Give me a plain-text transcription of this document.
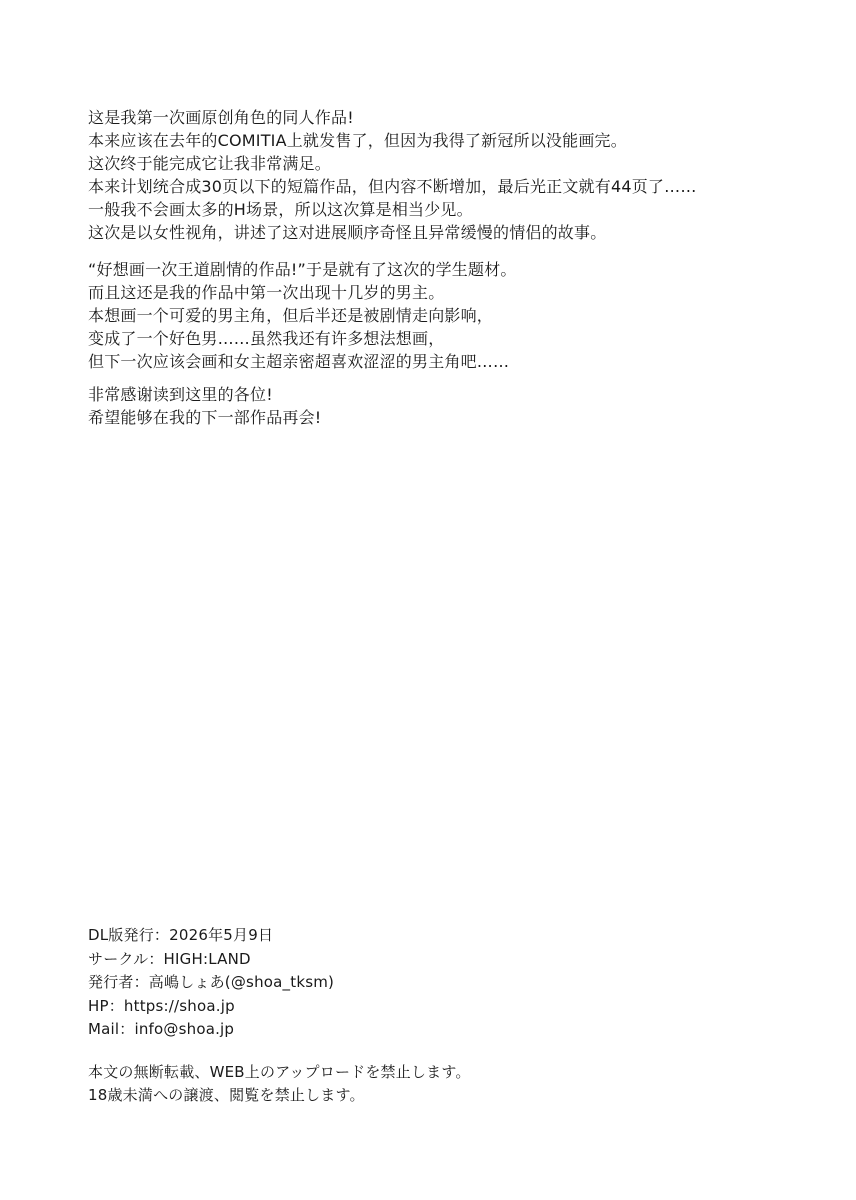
这是我第一次画原创角色的同人作品!
本来应该在去年的COMITIA上就发售了，但因为我得了新冠所以没能画完。
这次终于能完成它让我非常满足。
本来计划统合成30页以下的短篇作品，但内容不断增加，最后光正文就有44页了……
一般我不会画太多的H场景，所以这次算是相当少见。
这次是以女性视角，讲述了这对进展顺序奇怪且异常缓慢的情侣的故事。
“好想画一次王道剧情的作品!”于是就有了这次的学生题材。
而且这还是我的作品中第一次出现十几岁的男主。
本想画一个可爱的男主角，但后半还是被剧情走向影响，
变成了一个好色男……虽然我还有许多想法想画，
但下一次应该会画和女主超亲密超喜欢涩涩的男主角吧……
非常感谢读到这里的各位!
希望能够在我的下一部作品再会!
DL版発行：2026年5月9日
サークル：HIGH:LAND
発行者：高嶋しょあ(@shoa_tksm)
HP：https://shoa.jp
Mail：info@shoa.jp
本文の無断転載、WEB上のアップロードを禁止します。
18歳未満への譲渡、閲覧を禁止します。
